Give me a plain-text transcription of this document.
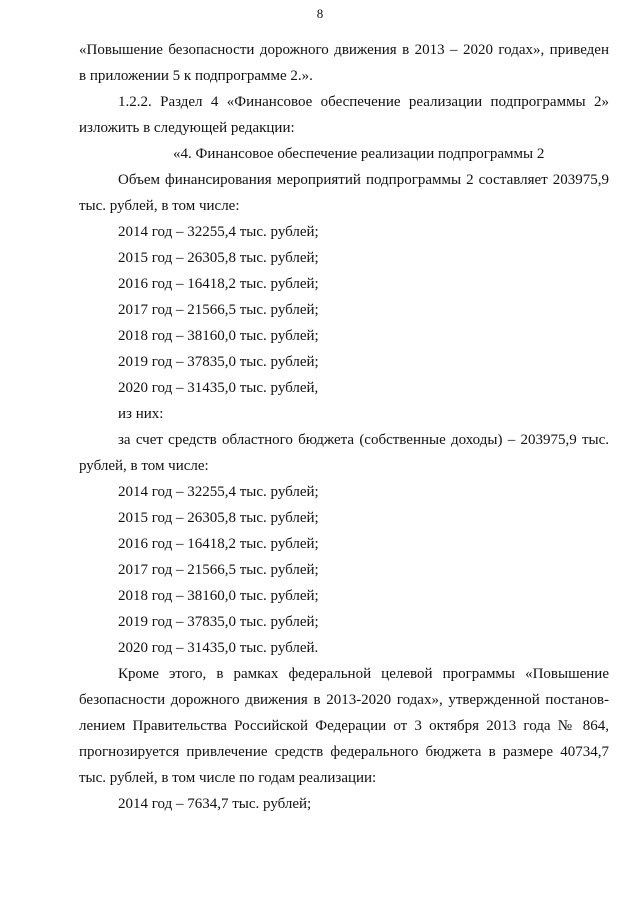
8
«Повышение безопасности дорожного движения в 2013 – 2020 годах», приведен
в приложении 5 к подпрограмме 2.».
1.2.2. Раздел 4 «Финансовое обеспечение реализации подпрограммы 2»
изложить в следующей редакции:
«4. Финансовое обеспечение реализации подпрограммы 2
Объем финансирования мероприятий подпрограммы 2 составляет 203975,9
тыс. рублей, в том числе:
2014 год – 32255,4 тыс. рублей;
2015 год – 26305,8 тыс. рублей;
2016 год – 16418,2 тыс. рублей;
2017 год – 21566,5 тыс. рублей;
2018 год – 38160,0 тыс. рублей;
2019 год – 37835,0 тыс. рублей;
2020 год – 31435,0 тыс. рублей,
из них:
за счет средств областного бюджета (собственные доходы) – 203975,9 тыс.
рублей, в том числе:
2014 год – 32255,4 тыс. рублей;
2015 год – 26305,8 тыс. рублей;
2016 год – 16418,2 тыс. рублей;
2017 год – 21566,5 тыс. рублей;
2018 год – 38160,0 тыс. рублей;
2019 год – 37835,0 тыс. рублей;
2020 год – 31435,0 тыс. рублей.
Кроме этого, в рамках федеральной целевой программы «Повышение
безопасности дорожного движения в 2013-2020 годах», утвержденной постанов-
лением Правительства Российской Федерации от 3 октября 2013 года № 864,
прогнозируется привлечение средств федерального бюджета в размере 40734,7
тыс. рублей, в том числе по годам реализации:
2014 год – 7634,7 тыс. рублей;
